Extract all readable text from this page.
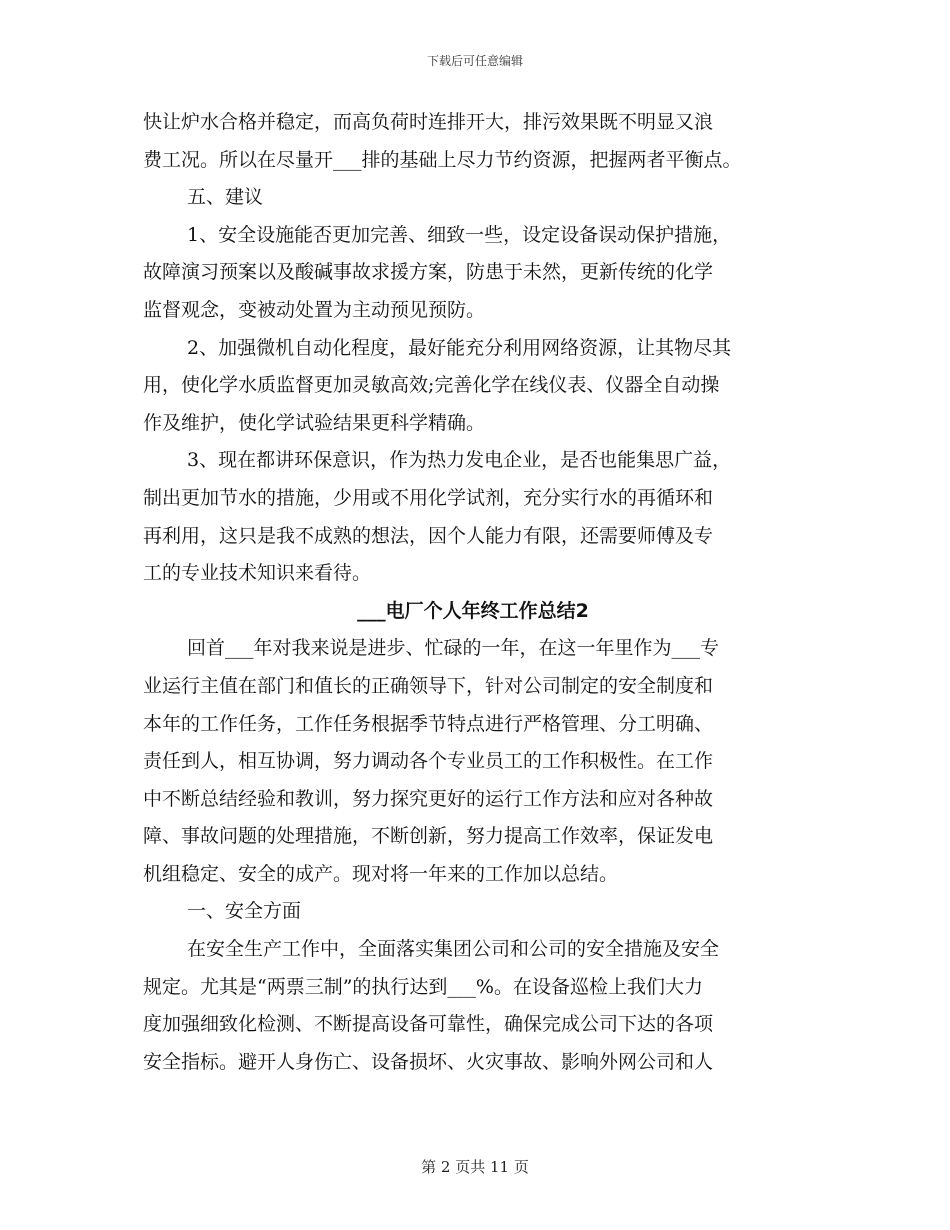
下载后可任意编辑
快让炉水合格并稳定，而高负荷时连排开大，排污效果既不明显又浪
费工况。所以在尽量开___排的基础上尽力节约资源，把握两者平衡点。
五、建议
1、安全设施能否更加完善、细致一些，设定设备误动保护措施，
故障演习预案以及酸碱事故求援方案，防患于未然，更新传统的化学
监督观念，变被动处置为主动预见预防。
2、加强微机自动化程度，最好能充分利用网络资源，让其物尽其
用，使化学水质监督更加灵敏高效;完善化学在线仪表、仪器全自动操
作及维护，使化学试验结果更科学精确。
3、现在都讲环保意识，作为热力发电企业，是否也能集思广益，
制出更加节水的措施，少用或不用化学试剂，充分实行水的再循环和
再利用，这只是我不成熟的想法，因个人能力有限，还需要师傅及专
工的专业技术知识来看待。
___电厂个人年终工作总结2
回首___年对我来说是进步、忙碌的一年，在这一年里作为___专
业运行主值在部门和值长的正确领导下，针对公司制定的安全制度和
本年的工作任务，工作任务根据季节特点进行严格管理、分工明确、
责任到人，相互协调，努力调动各个专业员工的工作积极性。在工作
中不断总结经验和教训，努力探究更好的运行工作方法和应对各种故
障、事故问题的处理措施，不断创新，努力提高工作效率，保证发电
机组稳定、安全的成产。现对将一年来的工作加以总结。
一、安全方面
在安全生产工作中，全面落实集团公司和公司的安全措施及安全
规定。尤其是“两票三制”的执行达到___%。在设备巡检上我们大力
度加强细致化检测、不断提高设备可靠性，确保完成公司下达的各项
安全指标。避开人身伤亡、设备损坏、火灾事故、影响外网公司和人
第 2 页共 11 页
